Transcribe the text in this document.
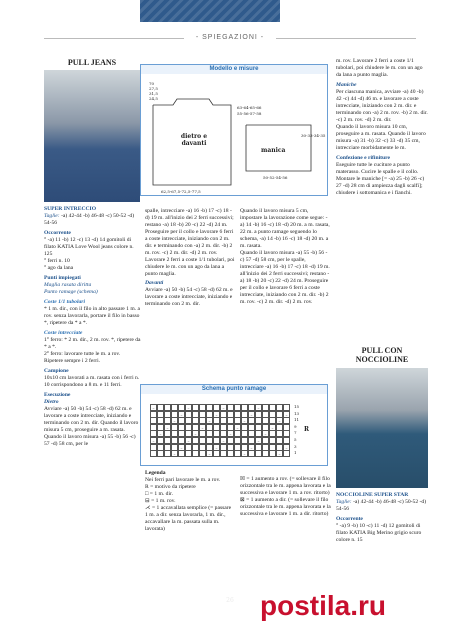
- SPIEGAZIONI -
PULL JEANS
SUPER INTRECCIO
Taglie: -a) 42-44 -b) 46-48 -c) 50-52 -d) 54-56
Occorrente
° -a) 11 -b) 12 -c) 13 -d) 14 gomitoli di filato KATIA Love Wool jeans colore n. 125
° ferri n. 10
° ago da lana
Punti impiegati
Maglia rasata diritta
Punto ramage (schema)
Coste 1/1 tubolari
* 1 m. dir., con il filo in alto passare 1 m. a rov. senza lavorarla, portare il filo in basso *, ripetere da * a *.
Coste intrecciate
1° ferro: * 2 m. dir., 2 m. rov. *, ripetere da * a *.
2° ferro: lavorare tutte le m. a rov.
Ripetere sempre i 2 ferri.
Campione
10x10 cm lavorati a m. rasata con i ferri n. 10 corrispondono a 8 m. e 11 ferri.
Esecuzione
Dietro
Avviare -a) 50 -b) 54 -c) 58 -d) 62 m. e lavorare a coste intrecciate, iniziando e terminando con 2 m. dir. Quando il lavoro misura 5 cm, proseguire a m. rasata. Quando il lavoro misura -a) 55 -b) 56 -c) 57 -d) 58 cm, per le
Modello e misure
70
27,5
31,5
24,5
63-64-65-66
55-56-57-58
dietro e davanti
manica
30-33-34-35
62,5-67,5-72,5-77,5
50-52-54-56
spalle, intrecciare -a) 16 -b) 17 -c) 18 -d) 19 m. all'inizio dei 2 ferri successivi; restano -a) 18 -b) 20 -c) 22 -d) 24 m.
Proseguire per il collo e lavorare 6 ferri a coste intrecciate, iniziando con 2 m. dir. e terminando con -a) 2 m. dir. -b) 2 m. rov. -c) 2 m. dir. -d) 2 m. rov. Lavorare 2 ferri a coste 1/1 tubolari, poi chiudere le m. con un ago da lana a punto maglia.
Davanti
Avviare -a) 50 -b) 54 -c) 58 -d) 62 m. e lavorare a coste intrecciate, iniziando e terminando con 2 m. dir.
Quando il lavoro misura 5 cm, impostare la lavorazione come segue: -a) 14 -b) 16 -c) 18 -d) 20 m. a m. rasata, 22 m. a punto ramage seguendo lo schema, -a) 14 -b) 16 -c) 18 -d) 20 m. a m. rasata.
Quando il lavoro misura -a) 55 -b) 56 -c) 57 -d) 58 cm, per le spalle, intrecciare -a) 16 -b) 17 -c) 18 -d) 19 m. all'inizio dei 2 ferri successivi; restano -a) 18 -b) 20 -c) 22 -d) 24 m. Proseguire per il collo e lavorare 6 ferri a coste intrecciate, iniziando con 2 m. dir. -b) 2 m. rov. -c) 2 m. dir. -d) 2 m. rov.
m. rov. Lavorare 2 ferri a coste 1/1 tubolari, poi chiudere le m. con un ago da lana a punto maglia.
Maniche
Per ciascuna manica, avviare -a) 40 -b) 42 -c) 44 -d) 46 m. e lavorare a coste intrecciate, iniziando con 2 m. dir. e terminando con -a) 2 m. rov. -b) 2 m. dir. -c) 2 m. rov. -d) 2 m. dir.
Quando il lavoro misura 10 cm, proseguire a m. rasata. Quando il lavoro misura -a) 31 -b) 32 -c) 33 -d) 35 cm, intrecciare morbidamente le m.
Confezione e rifiniture
Eseguire tutte le cuciture a punto materasso. Cucire le spalle e il collo. Montare le maniche [= -a) 25 -b) 26 -c) 27 -d) 28 cm di ampiezza dagli scalfi]; chiudere i sottomanica e i fianchi.
Schema punto ramage
–	–	–	–
–	–	–	–
–	–	–	–
–	–	–	–
–	–	–	–
–	–	–	–
–	–	–	–
–	–	–	–
15
13
11
9
7
5
3
1
R
Legenda
Nei ferri pari lavorare le m. a rov.
R = motivo da ripetere
□ = 1 m. dir.
⊟ = 1 m. rov.
⋌ = 1 accavallata semplice (= passare 1 m. a dir. senza lavorarla, 1 m. dir., accavallare la m. passata sulla m. lavorata)
☒ = 1 aumento a rov. (= sollevare il filo orizzontale tra le m. appena lavorata e la successiva e lavorare 1 m. a rov. ritorto)
⊠ = 1 aumento a dir. (= sollevare il filo orizzontale tra le m. appena lavorata e la successiva e lavorare 1 m. a dir. ritorto)
PULL CON NOCCIOLINE
NOCCIOLINE SUPER STAR
Taglie: -a) 42-44 -b) 46-48 -c) 50-52 -d) 54-56
Occorrente
° -a) 9 -b) 10 -c) 11 -d) 12 gomitoli di filato KATIA Big Merino grigio scuro colore n. 15
postila.ru
